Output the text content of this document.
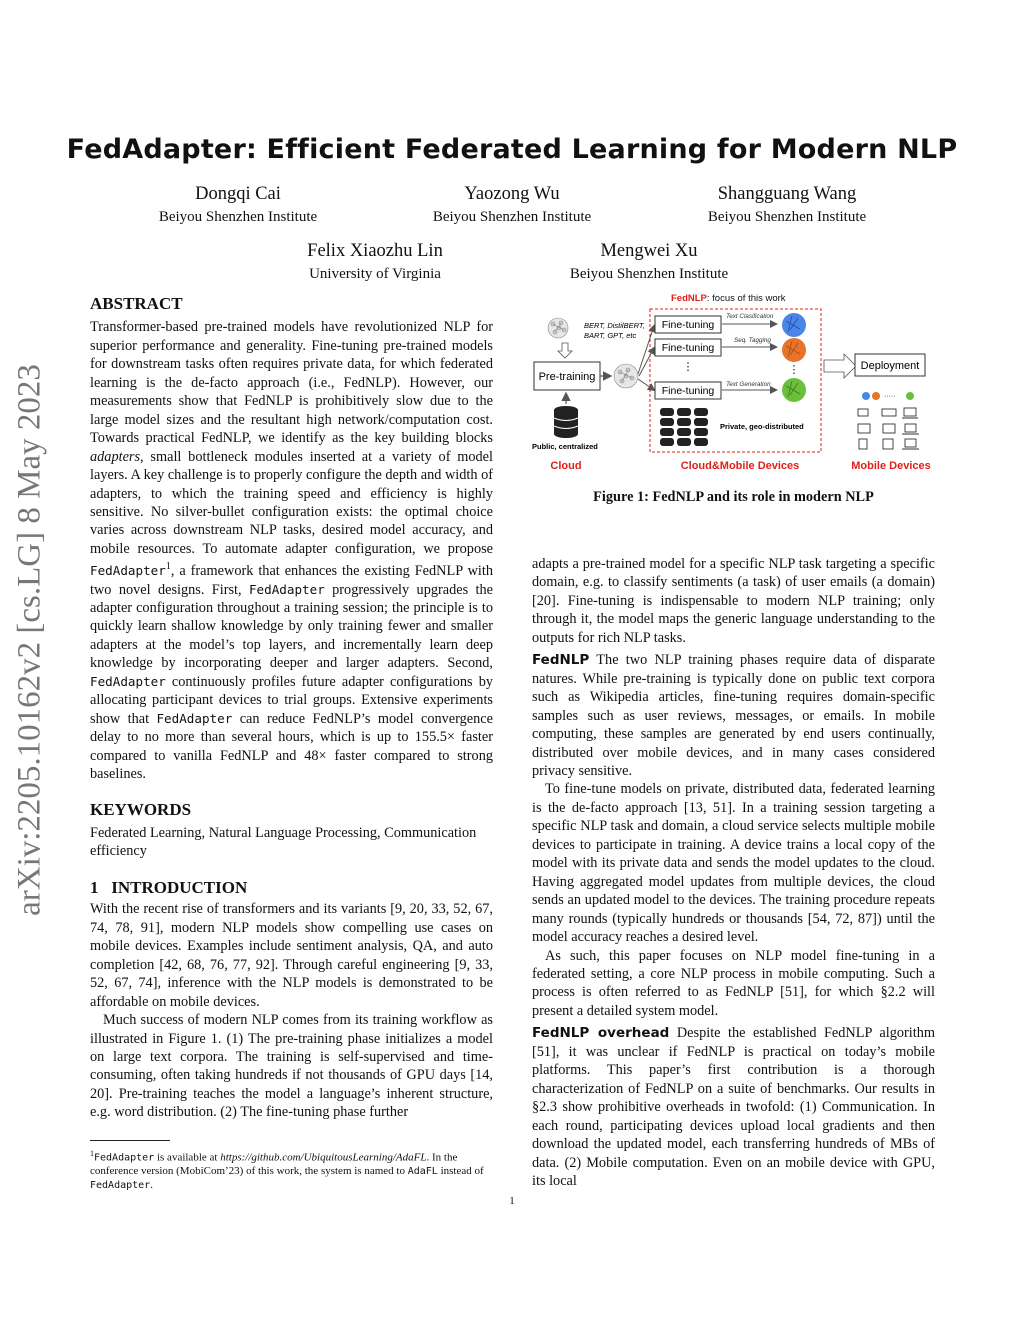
FedAdapter: Efficient Federated Learning for Modern NLP
Dongqi Cai
Beiyou Shenzhen Institute
Yaozong Wu
Beiyou Shenzhen Institute
Shangguang Wang
Beiyou Shenzhen Institute
Felix Xiaozhu Lin
University of Virginia
Mengwei Xu
Beiyou Shenzhen Institute
arXiv:2205.10162v2 [cs.LG] 8 May 2023
ABSTRACT

Transformer-based pre-trained models have revolutionized NLP for superior performance and generality. Fine-tuning pre-trained models for downstream tasks often requires private data, for which federated learning is the de-facto approach (i.e., FedNLP). However, our measurements show that FedNLP is prohibitively slow due to the large model sizes and the resultant high network/computation cost. Towards practical FedNLP, we identify as the key building blocks adapters, small bottleneck modules inserted at a variety of model layers. A key challenge is to properly configure the depth and width of adapters, to which the training speed and efficiency is highly sensitive. No silver-bullet configuration exists: the optimal choice varies across downstream NLP tasks, desired model accuracy, and mobile resources. To automate adapter configuration, we propose FedAdapter$^1$, a framework that enhances the existing FedNLP with two novel designs. First, FedAdapter progressively upgrades the adapter configuration throughout a training session; the principle is to quickly learn shallow knowledge by only training fewer and smaller adapters at the model’s top layers, and incrementally learn deep knowledge by incorporating deeper and larger adapters. Second, FedAdapter continuously profiles future adapter configurations by allocating participant devices to trial groups. Extensive experiments show that FedAdapter can reduce FedNLP’s model convergence delay to no more than several hours, which is up to 155.5× faster compared to vanilla FedNLP and 48× faster compared to strong baselines.

KEYWORDS

Federated Learning, Natural Language Processing, Communication efficiency

1   INTRODUCTION

With the recent rise of transformers and its variants [9, 20, 33, 52, 67, 74, 78, 91], modern NLP models show compelling use cases on mobile devices. Examples include sentiment analysis, QA, and auto completion [42, 68, 76, 77, 92]. Through careful engineering [9, 33, 52, 67, 74], inference with the NLP models is demonstrated to be affordable on mobile devices.

Much success of modern NLP comes from its training workflow as illustrated in Figure 1. (1) The pre-training phase initializes a model on large text corpora. The training is self-supervised and time-consuming, often taking hundreds if not thousands of GPU days [14, 20]. Pre-training teaches the model a language’s inherent structure, e.g. word distribution. (2) The fine-tuning phase further

$^1$FedAdapter is available at https://github.com/UbiquitousLearning/AdaFL. In the conference version (MobiCom’23) of this work, the system is named to AdaFL instead of FedAdapter.
FedNLP: focus of this work
BERT, DistilBERT,
BART, GPT, etc
Pre-training
Public, centralized
Fine-tuning
Fine-tuning
⋮
Fine-tuning
Text Clasification
Seq. Tagging
Text Generation
⋮
Private, geo-distributed
Deployment
·····
Cloud	Cloud&Mobile Devices	Mobile Devices
Figure 1: FedNLP and its role in modern NLP

adapts a pre-trained model for a specific NLP task targeting a specific domain, e.g. to classify sentiments (a task) of user emails (a domain) [20]. Fine-tuning is indispensable to modern NLP training; only through it, the model maps the generic language understanding to the outputs for rich NLP tasks.

FedNLP The two NLP training phases require data of disparate natures. While pre-training is typically done on public text corpora such as Wikipedia articles, fine-tuning requires domain-specific samples such as user reviews, messages, or emails. In mobile computing, these samples are generated by end users continually, distributed over mobile devices, and in many cases considered privacy sensitive.

To fine-tune models on private, distributed data, federated learning is the de-facto approach [13, 51]. In a training session targeting a specific NLP task and domain, a cloud service selects multiple mobile devices to participate in training. A device trains a local copy of the model with its private data and sends the model updates to the cloud. Having aggregated model updates from multiple devices, the cloud sends an updated model to the devices. The training procedure repeats many rounds (typically hundreds or thousands [54, 72, 87]) until the model accuracy reaches a desired level.

As such, this paper focuses on NLP model fine-tuning in a federated setting, a core NLP process in mobile computing. Such a process is often referred to as FedNLP [51], for which §2.2 will present a detailed system model.

FedNLP overhead Despite the established FedNLP algorithm [51], it was unclear if FedNLP is practical on today’s mobile platforms. This paper’s first contribution is a thorough characterization of FedNLP on a suite of benchmarks. Our results in §2.3 show prohibitive overheads in twofold: (1) Communication. In each round, participating devices upload local gradients and then download the updated model, each transferring hundreds of MBs of data. (2) Mobile computation. Even on an mobile device with GPU, its local

1
